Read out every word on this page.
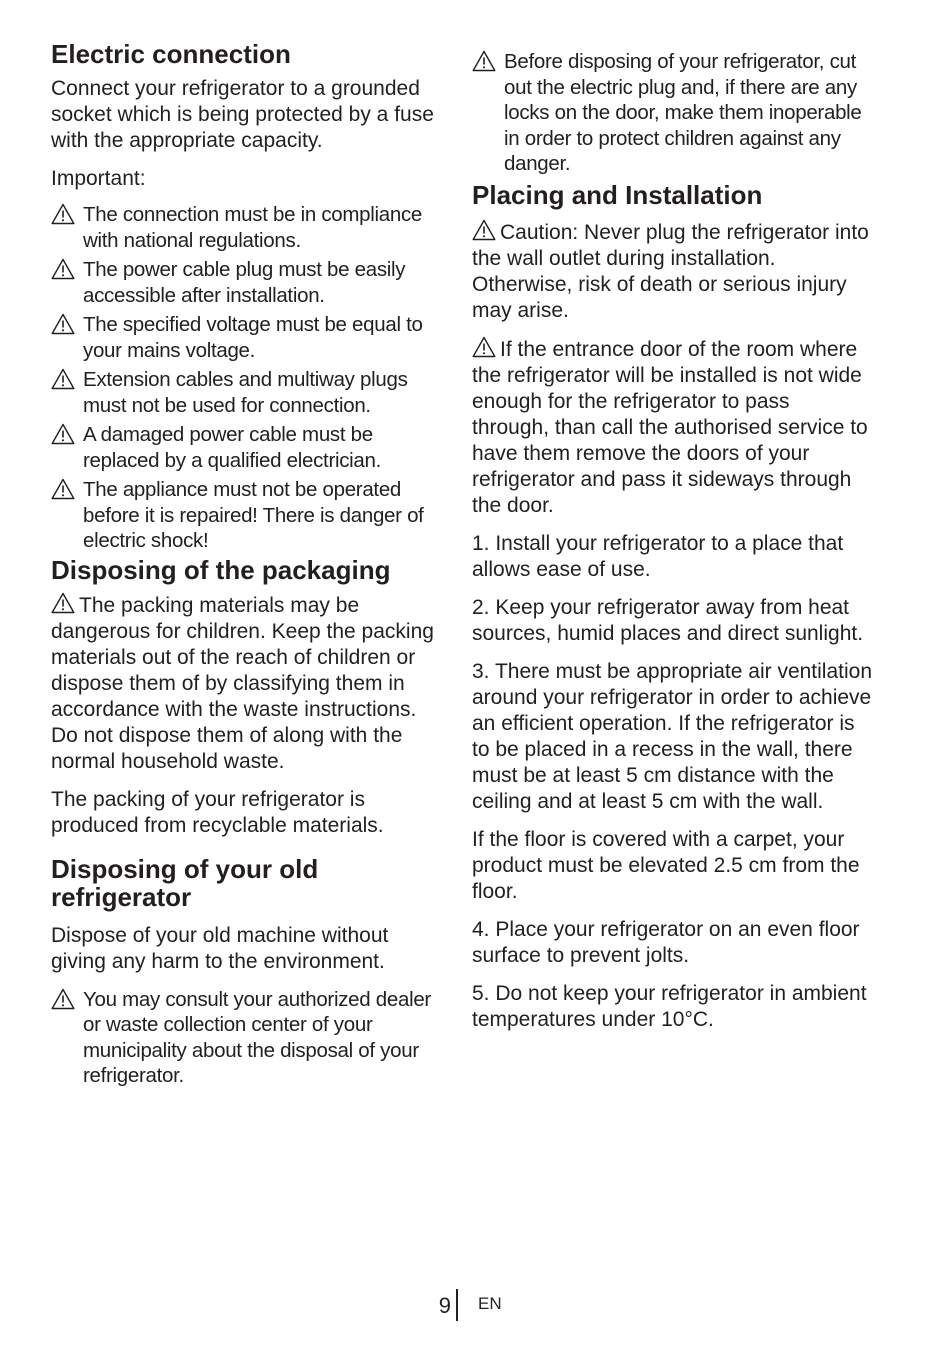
Electric connection

Connect your refrigerator to a grounded socket which is being protected by a fuse with the appropriate capacity.

Important:

The connection must be in compliance with national regulations.
The power cable plug must be easily accessible after installation.
The specified voltage must be equal to your mains voltage.
Extension cables and multiway plugs must not be used for connection.
A damaged power cable must be replaced by a qualified electrician.
The appliance must not be operated before it is repaired! There is danger of electric shock!
Disposing of the packaging

The packing materials may be dangerous for children. Keep the packing materials out of the reach of children or dispose them of by classifying them in accordance with the waste instructions. Do not dispose them of along with the normal household waste.

The packing of your refrigerator is produced from recyclable materials.

Disposing of your old refrigerator

Dispose of your old machine without giving any harm to the environment.

You may consult your authorized dealer or waste collection center of your municipality about the disposal of your refrigerator.
Before disposing of your refrigerator, cut out the electric plug and, if there are any locks on the door, make them inoperable in order to protect children against any danger.
Placing and Installation

Caution: Never plug the refrigerator into the wall outlet during installation. Otherwise, risk of death or serious injury may arise.

If the entrance door of the room where the refrigerator will be installed is not wide enough for the refrigerator to pass through, than call the authorised service to have them remove the doors of your refrigerator and pass it sideways through the door.

1. Install your refrigerator to a place that allows ease of use.

2. Keep your refrigerator away from heat sources, humid places and direct sunlight.

3. There must be appropriate air ventilation around your refrigerator in order to achieve an efficient operation. If the refrigerator is to be placed in a recess in the wall, there must be at least 5 cm distance with the ceiling and at least 5 cm with the wall.

If the floor is covered with a carpet, your product must be elevated 2.5 cm from the floor.

4. Place your refrigerator on an even floor surface to prevent jolts.

5. Do not keep your refrigerator in ambient temperatures under 10°C.

9 EN
